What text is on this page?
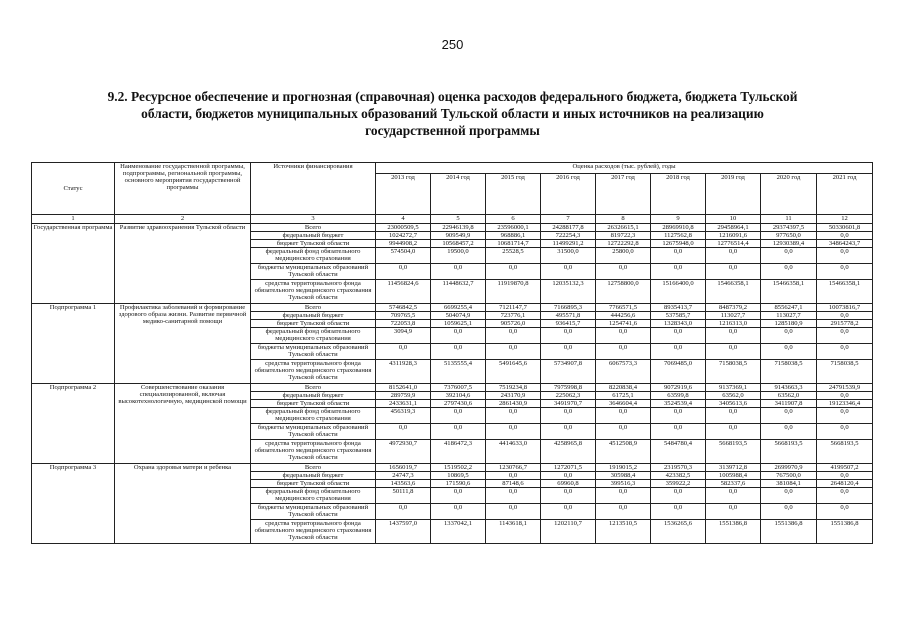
250
9.2. Ресурсное обеспечение и прогнозная (справочная) оценка расходов федерального бюджета, бюджета Тульской
области, бюджетов муниципальных образований Тульской области и иных источников на реализацию
государственной программы
Статус	Наименование государственной программы, подпрограммы, региональной программы, основного мероприятия государственной программы	Источники финансирования	Оценка расходов (тыс. рублей), годы								
			2013 год	2014 год	2015 год	2016 год	2017 год	2018 год	2019 год	2020 год	2021 год
1	2	3	4	5	6	7	8	9	10	11	12
Государственная программа	Развитие здравоохранения Тульской области	Всего	23000509,5	22946139,8	23596000,1	24288177,8	26326615,1	28969910,8	29458964,1	29374397,5	50330601,8
		федеральный бюджет	1024272,7	909549,9	968886,1	722254,3	819722,3	1127562,8	1216091,6	977650,0	0,0
		бюджет Тульской области	9944908,2	10568457,2	10681714,7	11499291,2	12722292,8	12675948,0	12776514,4	12930389,4	34864243,7
		федеральный фонд обязательного медицинского страхования	574504,0	19500,0	25528,5	31500,0	25800,0	0,0	0,0	0,0	0,0
		бюджеты муниципальных образований Тульской области	0,0	0,0	0,0	0,0	0,0	0,0	0,0	0,0	0,0
		средства территориального фонда обязательного медицинского страхования Тульской области	11456824,6	11448632,7	11919870,8	12035132,3	12758800,0	15166400,0	15466358,1	15466358,1	15466358,1
Подпрограмма 1	Профилактика заболеваний и формирование здорового образа жизни. Развитие первичной медико-санитарной помощи	Всего	5746842,5	6699255,4	7121147,7	7166895,3	7766571,5	8935413,7	8487379,2	8556247,1	10073816,7
		федеральный бюджет	709765,5	504074,9	723776,1	495571,8	444256,6	537585,7	113027,7	113027,7	0,0
		бюджет Тульской области	722053,8	1059625,1	905726,0	936415,7	1254741,6	1328343,0	1216313,0	1285180,9	2915778,2
		федеральный фонд обязательного медицинского страхования	3094,9	0,0	0,0	0,0	0,0	0,0	0,0	0,0	0,0
		бюджеты муниципальных образований Тульской области	0,0	0,0	0,0	0,0	0,0	0,0	0,0	0,0	0,0
		средства территориального фонда обязательного медицинского страхования Тульской области	4311928,3	5135555,4	5491645,6	5734907,8	6067573,3	7069485,0	7158038,5	7158038,5	7158038,5
Подпрограмма 2	Совершенствование оказания специализированной, включая высокотехнологичную, медицинской помощи	Всего	8152641,0	7376007,5	7519234,8	7975998,8	8220838,4	9072919,6	9137369,1	9143663,3	24791539,9
		федеральный бюджет	289759,9	392104,6	243170,9	225062,3	61725,1	63599,8	63562,0	63562,0	0,0
		бюджет Тульской области	2433631,1	2797430,6	2861430,9	3491970,7	3646604,4	3524539,4	3405613,6	3411907,8	19123346,4
		федеральный фонд обязательного медицинского страхования	456319,3	0,0	0,0	0,0	0,0	0,0	0,0	0,0	0,0
		бюджеты муниципальных образований Тульской области	0,0	0,0	0,0	0,0	0,0	0,0	0,0	0,0	0,0
		средства территориального фонда обязательного медицинского страхования Тульской области	4972930,7	4186472,3	4414633,0	4258965,8	4512508,9	5484780,4	5668193,5	5668193,5	5668193,5
Подпрограмма 3	Охрана здоровья матери и ребенка	Всего	1656019,7	1519502,2	1230766,7	1272071,5	1919015,2	2319570,3	3139712,8	2699970,9	4199507,2
		федеральный бюджет	24747,3	10869,5	0,0	0,0	305988,4	423382,5	1005988,4	767500,0	0,0
		бюджет Тульской области	143563,6	171590,6	87148,6	69960,8	399516,3	359922,2	582337,6	381084,1	2648120,4
		федеральный фонд обязательного медицинского страхования	50111,8	0,0	0,0	0,0	0,0	0,0	0,0	0,0	0,0
		бюджеты муниципальных образований Тульской области	0,0	0,0	0,0	0,0	0,0	0,0	0,0	0,0	0,0
		средства территориального фонда обязательного медицинского страхования Тульской области	1437597,0	1337042,1	1143618,1	1202110,7	1213510,5	1536265,6	1551386,8	1551386,8	1551386,8
